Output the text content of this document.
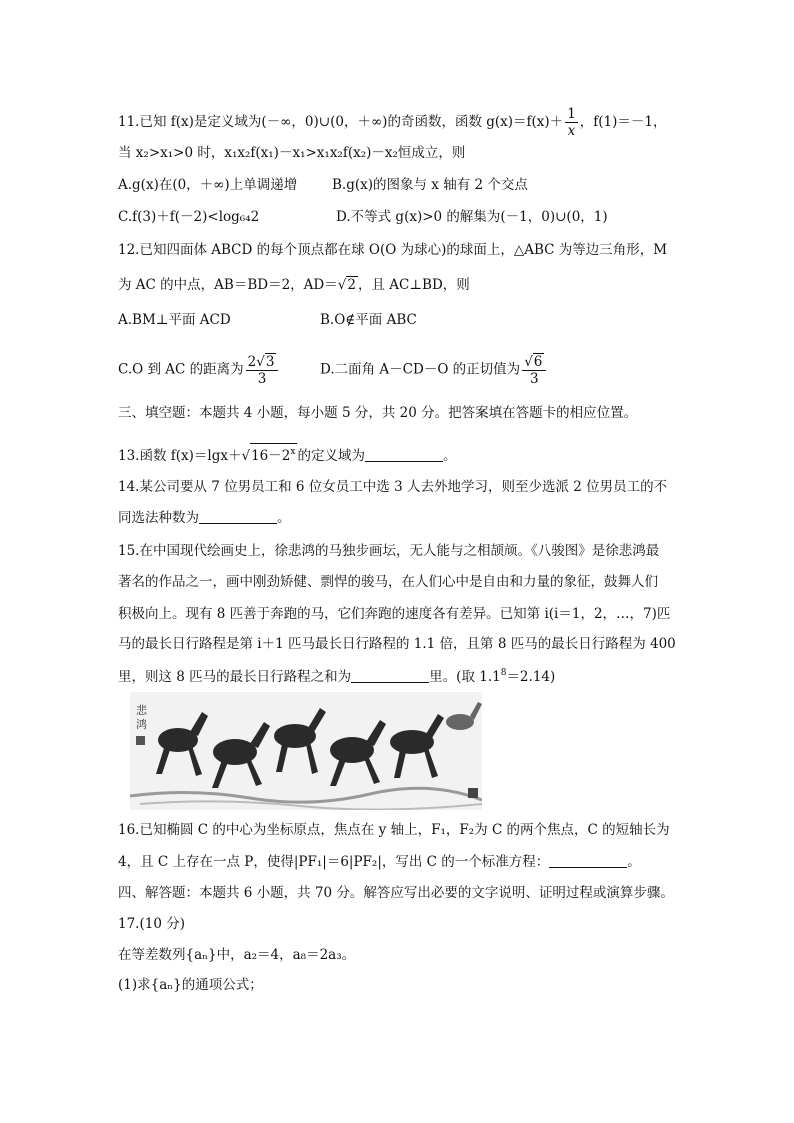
11.已知 f(x)是定义域为(－∞，0)∪(0，＋∞)的奇函数，函数 $g(x)=f(x)+ \frac{1}{x}$ ，f(1)＝－1，
当 x₂>x₁>0 时，x₁x₂f(x₁)－x₁>x₁x₂f(x₂)－x₂恒成立，则
A.g(x)在(0，＋∞)上单调递增	B.g(x)的图象与 x 轴有 2 个交点
C.f(3)＋f(－2)<log₆₄2	D.不等式 g(x)>0 的解集为(－1，0)∪(0，1)
12.已知四面体 ABCD 的每个顶点都在球 O(O 为球心)的球面上，△ABC 为等边三角形，M
为 AC 的中点，AB＝BD＝2，AD＝√2 ，且 AC⊥BD，则
A.BM⊥平面 ACD	B.O∉平面 ABC
C.O 到 AC 的距离为 $\frac{2√3}{3}$	D.二面角 A－CD－O 的正切值为 $\frac{√6}{3}$
三、填空题：本题共 4 小题，每小题 5 分，共 20 分。把答案填在答题卡的相应位置。
13.函数 $f(x)=\lg x+√16-2^x$ 的定义域为	。
14.某公司要从 7 位男员工和 6 位女员工中选 3 人去外地学习，则至少选派 2 位男员工的不
同选法种数为	。
15.在中国现代绘画史上，徐悲鸿的马独步画坛，无人能与之相颉颃。《八骏图》是徐悲鸿最
著名的作品之一，画中刚劲矫健、剽悍的骏马，在人们心中是自由和力量的象征，鼓舞人们
积极向上。现有 8 匹善于奔跑的马，它们奔跑的速度各有差异。已知第 i(i＝1，2，…，7)匹
马的最长日行路程是第 i＋1 匹马最长日行路程的 1.1 倍，且第 8 匹马的最长日行路程为 400
里，则这 8 匹马的最长日行路程之和为	里。(取 $1.1^8=2.14$)
悲
鸿
16.已知椭圆 C 的中心为坐标原点，焦点在 y 轴上，F₁，F₂为 C 的两个焦点，C 的短轴长为
4，且 C 上存在一点 P，使得|PF₁|＝6|PF₂|，写出 C 的一个标准方程：	。
四、解答题：本题共 6 小题，共 70 分。解答应写出必要的文字说明、证明过程或演算步骤。
17.(10 分)
在等差数列{aₙ}中，a₂＝4，a₈＝2a₃。
(1)求{aₙ}的通项公式；
